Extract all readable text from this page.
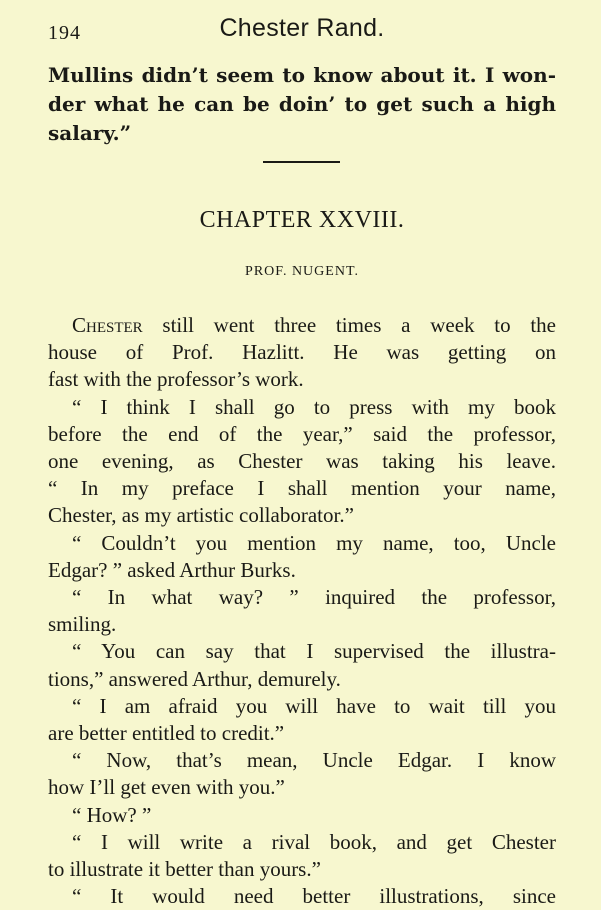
194	Chester Rand.
Mullins didn’t seem to know about it. I won-
der what he can be doin’ to get such a high
salary.”
CHAPTER XXVIII.
PROF. NUGENT.
Chester still went three times a week to the
house of Prof. Hazlitt. He was getting on
fast with the professor’s work.
“ I think I shall go to press with my book
before the end of the year,” said the professor,
one evening, as Chester was taking his leave.
“ In my preface I shall mention your name,
Chester, as my artistic collaborator.”
“ Couldn’t you mention my name, too, Uncle
Edgar? ” asked Arthur Burks.
“ In what way? ” inquired the professor,
smiling.
“ You can say that I supervised the illustra-
tions,” answered Arthur, demurely.
“ I am afraid you will have to wait till you
are better entitled to credit.”
“ Now, that’s mean, Uncle Edgar. I know
how I’ll get even with you.”
“ How? ”
“ I will write a rival book, and get Chester
to illustrate it better than yours.”
“ It would need better illustrations, since
